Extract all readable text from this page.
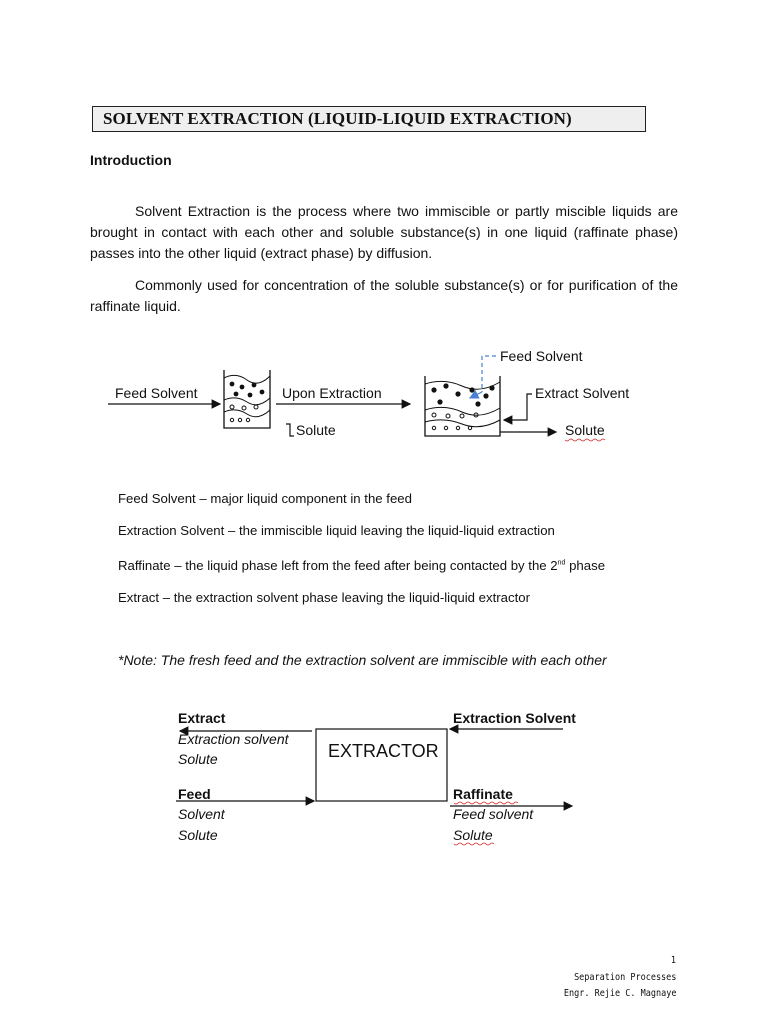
SOLVENT EXTRACTION (LIQUID-LIQUID EXTRACTION)
Introduction
Solvent Extraction is the process where two immiscible or partly miscible liquids are brought in contact with each other and soluble substance(s) in one liquid (raffinate phase) passes into the other liquid (extract phase) by diffusion.
Commonly used for concentration of the soluble substance(s) or for purification of the raffinate liquid.
Feed Solvent	Upon Extraction
Solute
Feed Solvent
Extract Solvent
Solute
Feed Solvent – major liquid component in the feed
Extraction Solvent – the immiscible liquid leaving the liquid-liquid extraction
Raffinate – the liquid phase left from the feed after being contacted by the 2nd phase
Extract – the extraction solvent phase leaving the liquid-liquid extractor
*Note: The fresh feed and the extraction solvent are immiscible with each other
Extract
Extraction solvent
Solute
Feed
Solvent
Solute
EXTRACTOR
Extraction Solvent
Raffinate
Feed solvent
Solute
1
Separation Processes
Engr. Rejie C. Magnaye
